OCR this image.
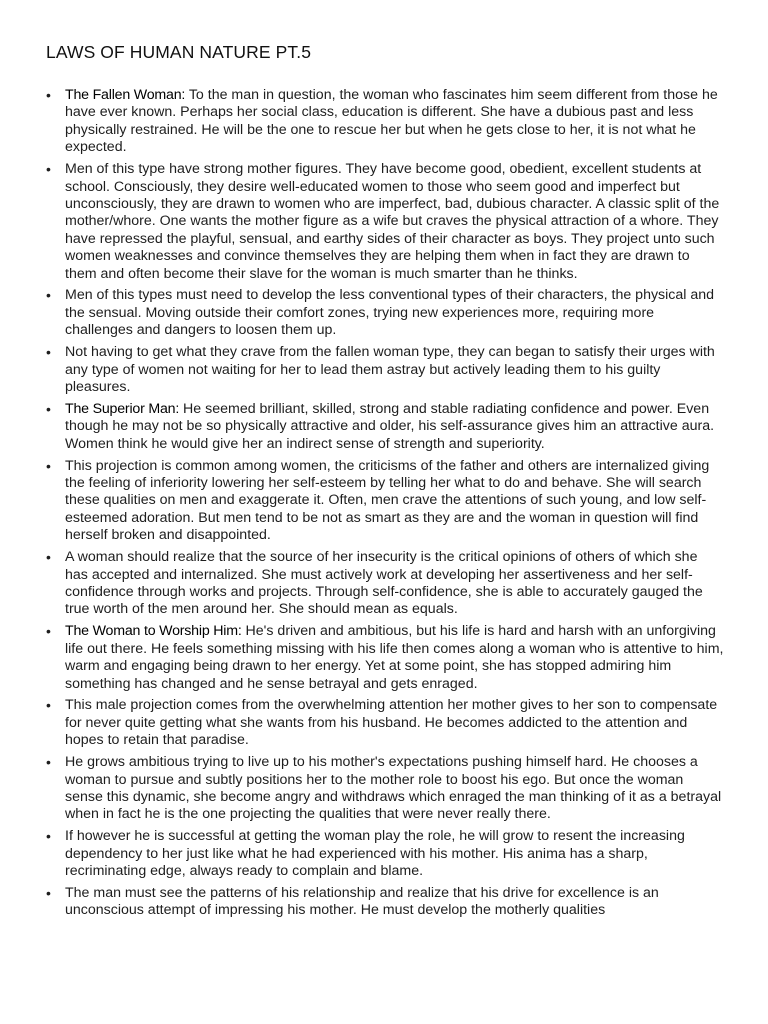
LAWS OF HUMAN NATURE PT.5
• The Fallen Woman: To the man in question, the woman who fascinates him seem different from those he have ever known. Perhaps her social class, education is different. She have a dubious past and less physically restrained. He will be the one to rescue her but when he gets close to her, it is not what he expected.
• Men of this type have strong mother figures. They have become good, obedient, excellent students at school. Consciously, they desire well-educated women to those who seem good and imperfect but unconsciously, they are drawn to women who are imperfect, bad, dubious character. A classic split of the mother/whore. One wants the mother figure as a wife but craves the physical attraction of a whore. They have repressed the playful, sensual, and earthy sides of their character as boys. They project unto such women weaknesses and convince themselves they are helping them when in fact they are drawn to them and often become their slave for the woman is much smarter than he thinks.
• Men of this types must need to develop the less conventional types of their characters, the physical and the sensual. Moving outside their comfort zones, trying new experiences more, requiring more challenges and dangers to loosen them up.
• Not having to get what they crave from the fallen woman type, they can began to satisfy their urges with any type of women not waiting for her to lead them astray but actively leading them to his guilty pleasures.
• The Superior Man: He seemed brilliant, skilled, strong and stable radiating confidence and power. Even though he may not be so physically attractive and older, his self-assurance gives him an attractive aura. Women think he would give her an indirect sense of strength and superiority.
• This projection is common among women, the criticisms of the father and others are internalized giving the feeling of inferiority lowering her self-esteem by telling her what to do and behave. She will search these qualities on men and exaggerate it. Often, men crave the attentions of such young, and low self-esteemed adoration. But men tend to be not as smart as they are and the woman in question will find herself broken and disappointed.
• A woman should realize that the source of her insecurity is the critical opinions of others of which she has accepted and internalized. She must actively work at developing her assertiveness and her self-confidence through works and projects. Through self-confidence, she is able to accurately gauged the true worth of the men around her. She should mean as equals.
• The Woman to Worship Him: He's driven and ambitious, but his life is hard and harsh with an unforgiving life out there. He feels something missing with his life then comes along a woman who is attentive to him, warm and engaging being drawn to her energy. Yet at some point, she has stopped admiring him something has changed and he sense betrayal and gets enraged.
• This male projection comes from the overwhelming attention her mother gives to her son to compensate for never quite getting what she wants from his husband. He becomes addicted to the attention and hopes to retain that paradise.
• He grows ambitious trying to live up to his mother's expectations pushing himself hard. He chooses a woman to pursue and subtly positions her to the mother role to boost his ego. But once the woman sense this dynamic, she become angry and withdraws which enraged the man thinking of it as a betrayal when in fact he is the one projecting the qualities that were never really there.
• If however he is successful at getting the woman play the role, he will grow to resent the increasing dependency to her just like what he had experienced with his mother. His anima has a sharp, recriminating edge, always ready to complain and blame.
• The man must see the patterns of his relationship and realize that his drive for excellence is an unconscious attempt of impressing his mother. He must develop the motherly qualities
